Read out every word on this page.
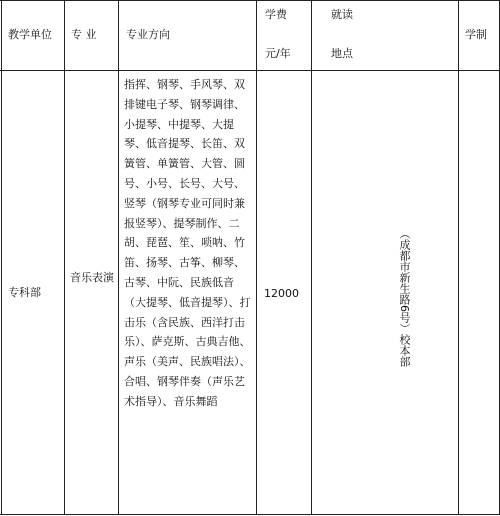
教学单位 专 业	专业方向
学费
元/年
就读
地点
学制
专科部
音乐表演
指挥、钢琴、手风琴、双排键电子琴、钢琴调律、小提琴、中提琴、大提琴、低音提琴、长笛、双簧管、单簧管、大管、圆号、小号、长号、大号、竖琴（钢琴专业可同时兼报竖琴）、提琴制作、二胡、琵琶、笙、唢呐、竹笛、扬琴、古筝、柳琴、古琴、中阮、民族低音（大提琴、低音提琴）、打击乐（含民族、西洋打击乐）、萨克斯、古典吉他、声乐（美声、民族唱法）、合唱、钢琴伴奏（声乐艺术指导）、音乐舞蹈
12000	（成都市新生路6号）校本部
